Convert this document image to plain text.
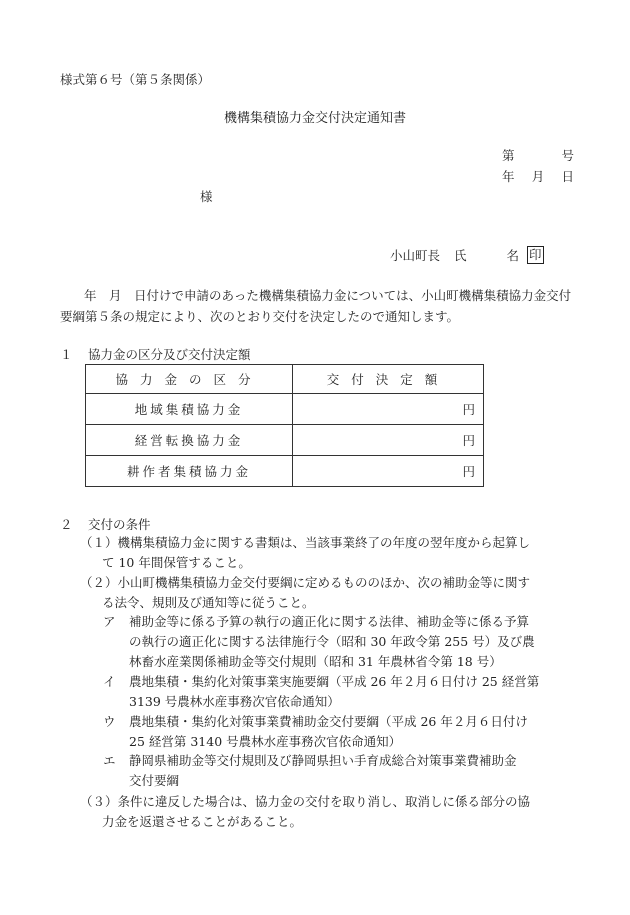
様式第６号（第５条関係）
機構集積協力金交付決定通知書
第	号
年 月 日
様
小山町長 氏	名 印
年　月　日付けで申請のあった機構集積協力金については、小山町機構集積協力金交付要綱第５条の規定により、次のとおり交付を決定したので通知します。
１ 協力金の区分及び交付決定額
協力金の区分	交付決定額
地域集積協力金	円
経営転換協力金	円
耕作者集積協力金	円
２ 交付の条件
（１）機構集積協力金に関する書類は、当該事業終了の年度の翌年度から起算し
て 10 年間保管すること。
（２）小山町機構集積協力金交付要綱に定めるもののほか、次の補助金等に関す
る法令、規則及び通知等に従うこと。
ア 補助金等に係る予算の執行の適正化に関する法律、補助金等に係る予算
の執行の適正化に関する法律施行令（昭和 30 年政令第 255 号）及び農
林畜水産業関係補助金等交付規則（昭和 31 年農林省令第 18 号）
イ 農地集積・集約化対策事業実施要綱（平成 26 年２月６日付け 25 経営第
3139 号農林水産事務次官依命通知）
ウ 農地集積・集約化対策事業費補助金交付要綱（平成 26 年２月６日付け
25 経営第 3140 号農林水産事務次官依命通知）
エ 静岡県補助金等交付規則及び静岡県担い手育成総合対策事業費補助金
交付要綱
（３）条件に違反した場合は、協力金の交付を取り消し、取消しに係る部分の協
力金を返還させることがあること。
